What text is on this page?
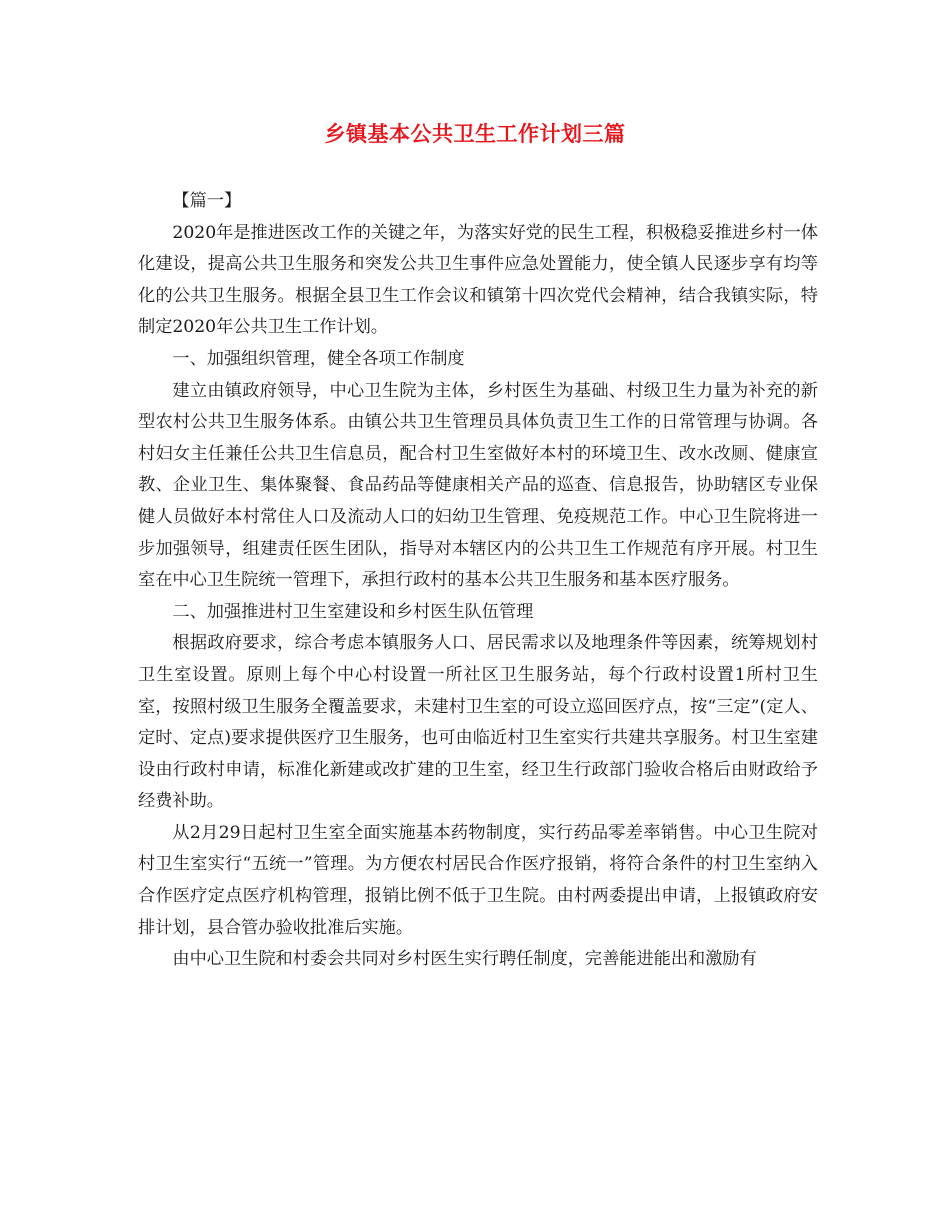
乡镇基本公共卫生工作计划三篇

【篇一】

2020年是推进医改工作的关键之年，为落实好党的民生工程，积极稳妥推进乡村一体化建设，提高公共卫生服务和突发公共卫生事件应急处置能力，使全镇人民逐步享有均等化的公共卫生服务。根据全县卫生工作会议和镇第十四次党代会精神，结合我镇实际，特制定2020年公共卫生工作计划。

一、加强组织管理，健全各项工作制度

建立由镇政府领导，中心卫生院为主体，乡村医生为基础、村级卫生力量为补充的新型农村公共卫生服务体系。由镇公共卫生管理员具体负责卫生工作的日常管理与协调。各村妇女主任兼任公共卫生信息员，配合村卫生室做好本村的环境卫生、改水改厕、健康宣教、企业卫生、集体聚餐、食品药品等健康相关产品的巡查、信息报告，协助辖区专业保健人员做好本村常住人口及流动人口的妇幼卫生管理、免疫规范工作。中心卫生院将进一步加强领导，组建责任医生团队，指导对本辖区内的公共卫生工作规范有序开展。村卫生室在中心卫生院统一管理下，承担行政村的基本公共卫生服务和基本医疗服务。

二、加强推进村卫生室建设和乡村医生队伍管理

根据政府要求，综合考虑本镇服务人口、居民需求以及地理条件等因素，统筹规划村卫生室设置。原则上每个中心村设置一所社区卫生服务站，每个行政村设置1所村卫生室，按照村级卫生服务全覆盖要求，未建村卫生室的可设立巡回医疗点，按“三定”(定人、定时、定点)要求提供医疗卫生服务，也可由临近村卫生室实行共建共享服务。村卫生室建设由行政村申请，标准化新建或改扩建的卫生室，经卫生行政部门验收合格后由财政给予经费补助。

从2月29日起村卫生室全面实施基本药物制度，实行药品零差率销售。中心卫生院对村卫生室实行“五统一”管理。为方便农村居民合作医疗报销，将符合条件的村卫生室纳入合作医疗定点医疗机构管理，报销比例不低于卫生院。由村两委提出申请，上报镇政府安排计划，县合管办验收批准后实施。

由中心卫生院和村委会共同对乡村医生实行聘任制度，完善能进能出和激励有
